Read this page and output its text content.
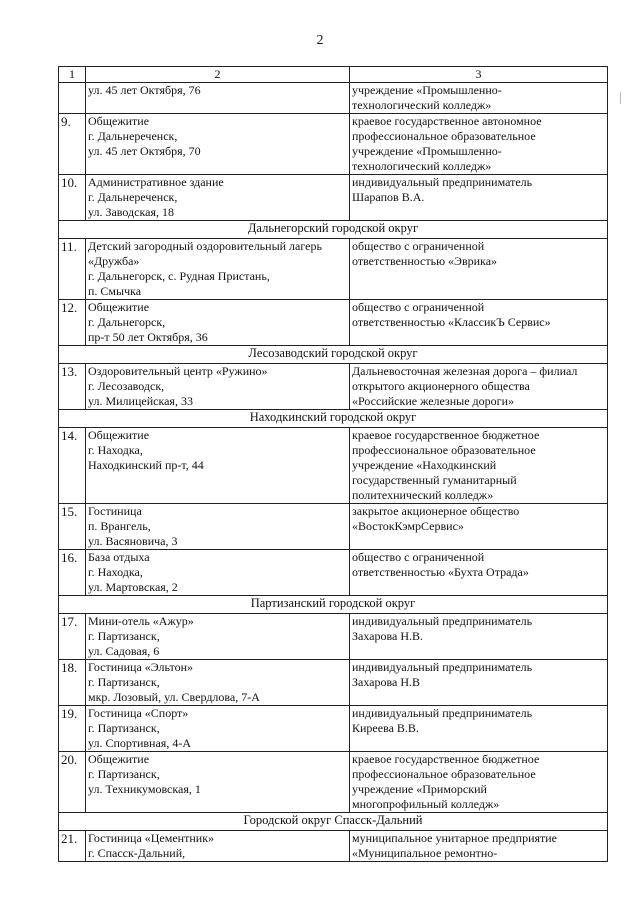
2
1	2	3

	ул. 45 лет Октября, 76	учреждение «Промышленно-
технологический колледж»

9.	Общежитие
г. Дальнереченск,
ул. 45 лет Октября, 70	краевое государственное автономное
профессиональное образовательное
учреждение «Промышленно-
технологический колледж»

10.	Административное здание
г. Дальнереченск,
ул. Заводская, 18	индивидуальный предприниматель
Шарапов В.А.

Дальнегорский городской округ		
11.	Детский загородный оздоровительный лагерь
«Дружба»
г. Дальнегорск, с. Рудная Пристань,
п. Смычка	общество с ограниченной
ответственностью «Эврика»

12.	Общежитие
г. Дальнегорск,
пр-т 50 лет Октября, 36	общество с ограниченной
ответственностью «КлассикЪ Сервис»

Лесозаводский городской округ		
13.	Оздоровительный центр «Ружино»
г. Лесозаводск,
ул. Милицейская, 33	Дальневосточная железная дорога – филиал
открытого акционерного общества
«Российские железные дороги»

Находкинский городской округ		
14.	Общежитие
г. Находка,
Находкинский пр-т, 44	краевое государственное бюджетное
профессиональное образовательное
учреждение «Находкинский
государственный гуманитарный
политехнический колледж»

15.	Гостиница
п. Врангель,
ул. Васяновича, 3	закрытое акционерное общество
«ВостокКэмрСервис»

16.	База отдыха
г. Находка,
ул. Мартовская, 2	общество с ограниченной
ответственностью «Бухта Отрада»

Партизанский городской округ		
17.	Мини-отель «Ажур»
г. Партизанск,
ул. Садовая, 6	индивидуальный предприниматель
Захарова Н.В.

18.	Гостиница «Эльтон»
г. Партизанск,
мкр. Лозовый, ул. Свердлова, 7-А	индивидуальный предприниматель
Захарова Н.В

19.	Гостиница «Спорт»
г. Партизанск,
ул. Спортивная, 4-А	индивидуальный предприниматель
Киреева В.В.

20.	Общежитие
г. Партизанск,
ул. Техникумовская, 1	краевое государственное бюджетное
профессиональное образовательное
учреждение «Приморский
многопрофильный колледж»

Городской округ Спасск-Дальний		
21.	Гостиница «Цементник»
г. Спасск-Дальний,	муниципальное унитарное предприятие
«Муниципальное ремонтно-
